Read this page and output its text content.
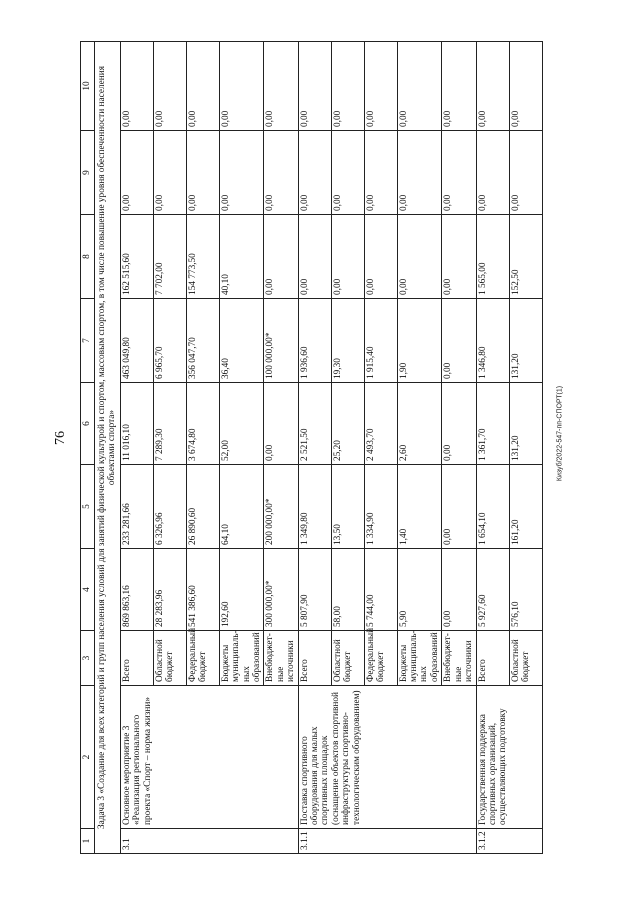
76
1	2	3	4	5	6	7	8	9	10
Задача 3 «Создание для всех категорий и групп населения условий для занятий физической культурой и спортом, массовым спортом, в том числе повышение уровня обеспеченности населения объектами спорта»									
3.1	Основное мероприятие 3 «Реализация регионального проекта «Спорт – норма жизни»	Всего	869 863,16	233 281,66	11 016,10	463 049,80	162 515,60	0,00	0,00
		Областной бюджет	28 283,96	6 326,96	7 289,30	6 965,70	7 702,00	0,00	0,00
		Федеральный бюджет	541 386,60	26 890,60	3 674,80	356 047,70	154 773,50	0,00	0,00
		Бюджеты муниципаль-ных образований	192,60	64,10	52,00	36,40	40,10	0,00	0,00
		Внебюджет-ные источники	300 000,00*	200 000,00*	0,00	100 000,00*	0,00	0,00	0,00
3.1.1	Поставка спортивного оборудования для малых спортивных площадок (оснащение объектов спортивной инфраструктуры спортивно-технологическим оборудованием)	Всего	5 807,90	1 349,80	2 521,50	1 936,60	0,00	0,00	0,00
		Областной бюджет	58,00	13,50	25,20	19,30	0,00	0,00	0,00
		Федеральный бюджет	5 744,00	1 334,90	2 493,70	1 915,40	0,00	0,00	0,00
		Бюджеты муниципаль-ных образований	5,90	1,40	2,60	1,90	0,00	0,00	0,00
		Внебюджет-ные источники	0,00	0,00	0,00	0,00	0,00	0,00	0,00
3.1.2	Государственная поддержка спортивных организаций, осуществляющих подготовку	Всего	5 927,60	1 654,10	1 361,70	1 346,80	1 565,00	0,00	0,00
		Областной бюджет	576,10	161,20	131,20	131,20	152,50	0,00	0,00
Кизуб/2022-547-пп-СПОРТ(1)
